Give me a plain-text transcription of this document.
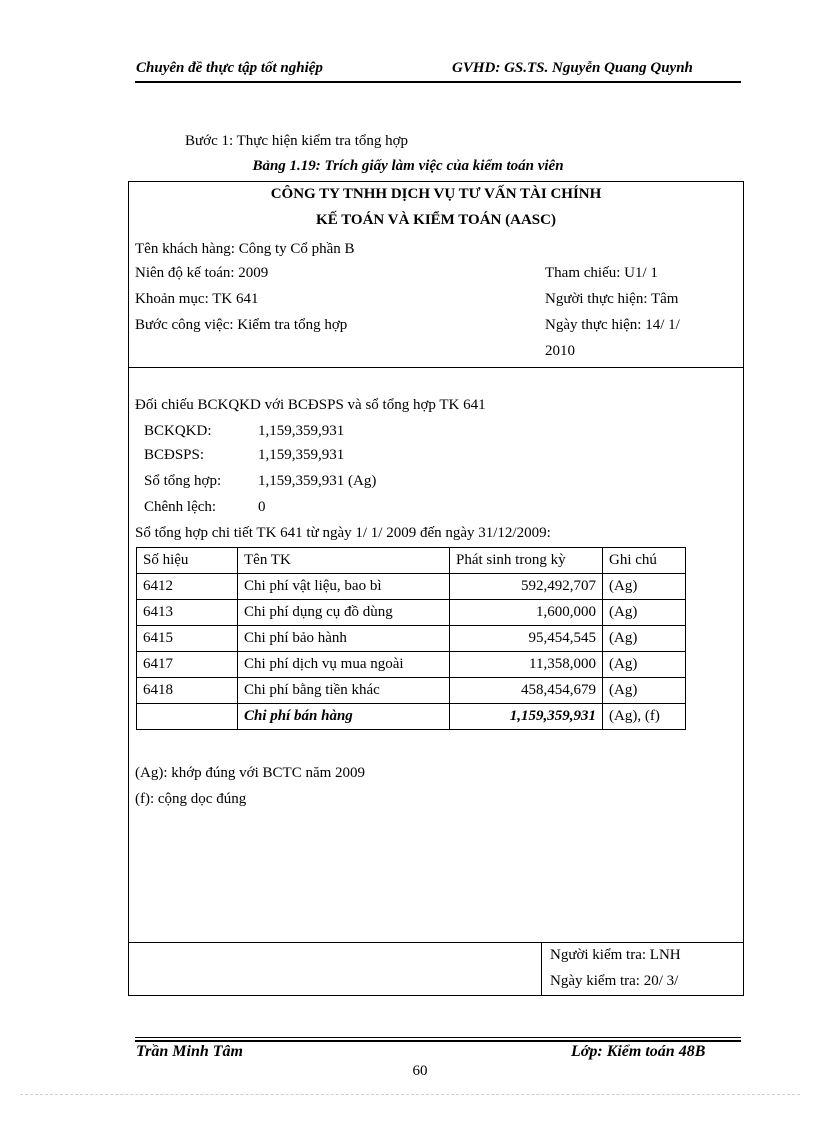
Chuyên đề thực tập tốt nghiệp	GVHD: GS.TS. Nguyễn Quang Quynh
Bước 1: Thực hiện kiểm tra tổng hợp
Bảng 1.19: Trích giấy làm việc của kiểm toán viên
CÔNG TY TNHH DỊCH VỤ TƯ VẤN TÀI CHÍNH
KẾ TOÁN VÀ KIỂM TOÁN (AASC)
Tên khách hàng: Công ty Cổ phần B
Niên độ kế toán: 2009
Khoản mục: TK 641
Bước công việc: Kiểm tra tổng hợp
Tham chiếu: U1/ 1
Người thực hiện: Tâm
Ngày thực hiện: 14/ 1/
2010
Đối chiếu BCKQKD với BCĐSPS và sổ tổng hợp TK 641
BCKQKD:	1,159,359,931
BCĐSPS:	1,159,359,931
Sổ tổng hợp: 1,159,359,931 (Ag)
Chênh lệch:	0
Sổ tổng hợp chi tiết TK 641 từ ngày 1/ 1/ 2009 đến ngày 31/12/2009:
Số hiệu	Tên TK	Phát sinh trong kỳ	Ghi chú
6412	Chi phí vật liệu, bao bì	592,492,707	(Ag)
6413	Chi phí dụng cụ đồ dùng	1,600,000	(Ag)
6415	Chi phí bảo hành	95,454,545	(Ag)
6417	Chi phí dịch vụ mua ngoài	11,358,000	(Ag)
6418	Chi phí bằng tiền khác	458,454,679	(Ag)
	Chi phí bán hàng	1,159,359,931	(Ag), (f)
(Ag): khớp đúng với BCTC năm 2009
(f): cộng dọc đúng
Người kiểm tra: LNH
Ngày kiểm tra: 20/ 3/
Trần Minh Tâm	Lớp: Kiểm toán 48B
60
